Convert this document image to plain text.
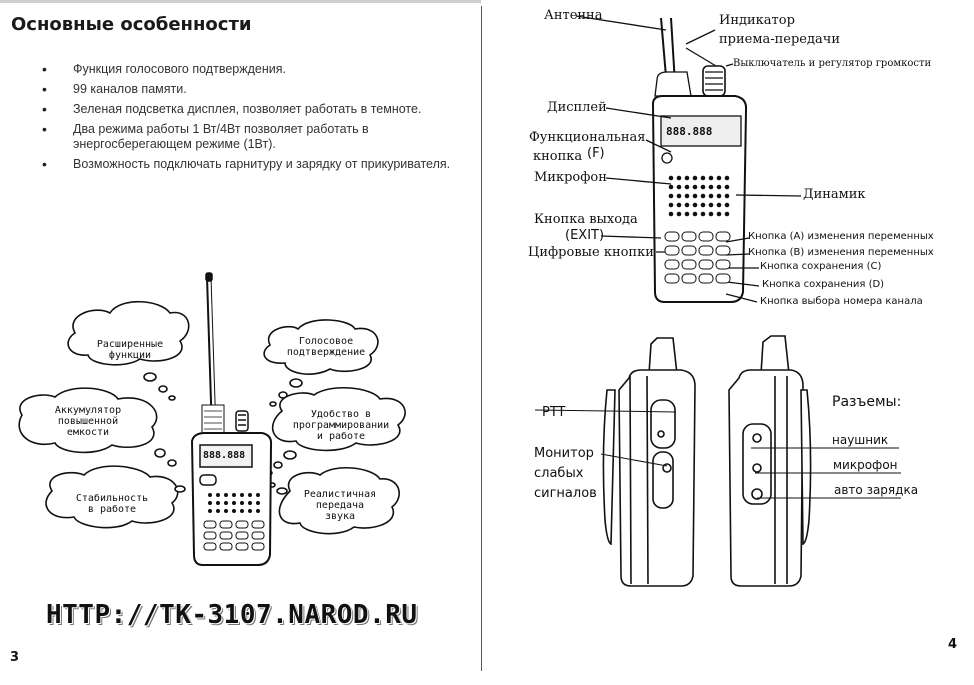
Основные особенности
• Функция голосового подтверждения.
• 99 каналов памяти.
• Зеленая подсветка дисплея, позволяет работать в темноте.
• Два режима работы 1 Вт/4Вт позволяет работать в энергосберегающем режиме (1Вт).
• Возможность подключать гарнитуру и зарядку от прикуривателя.
888.888
Расширенные
функции
Голосовое
подтверждение
Аккумулятор
повышенной
емкости
Удобство в
программировании
и работе
Стабильность
в работе
Реалистичная
передача
звука
HTTP://TK-3107.NAROD.RU
3
888.888
Антенна	Индикатор
приема-передачи
Выключатель и регулятор громкости
Дисплей
Функциональная
кнопка (F)
Микрофон
Динамик
Кнопка выхода
(EXIT)
Цифровые кнопки
Кнопка (A) изменения переменных
Кнопка (B) изменения переменных
Кнопка сохранения (C)
Кнопка сохранения (D)
Кнопка выбора номера канала
PTT
Монитор
слабых
сигналов
Разъемы:
наушник
микрофон
авто зарядка
4
